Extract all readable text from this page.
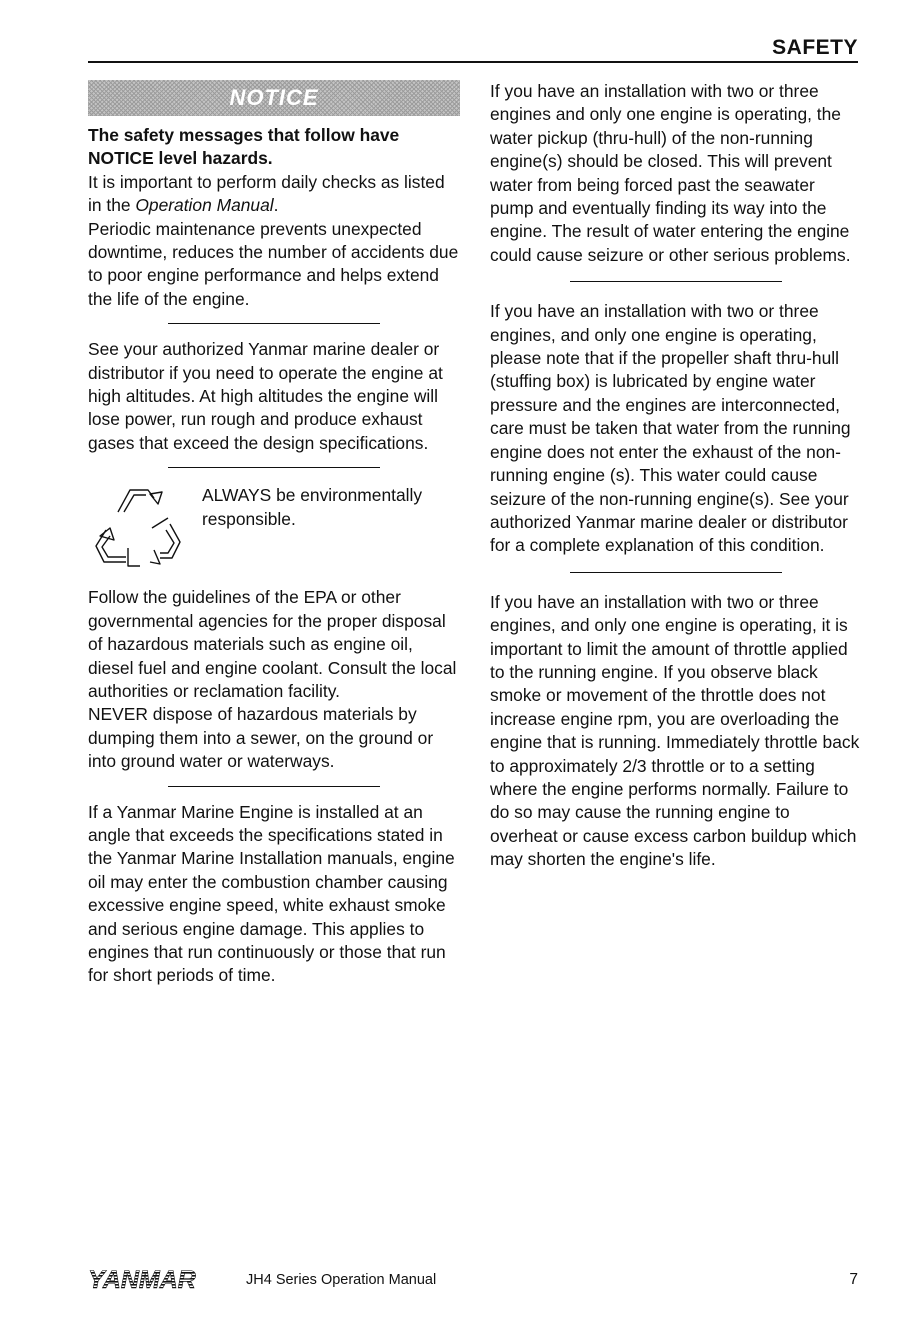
SAFETY
NOTICE

The safety messages that follow have NOTICE level hazards.

It is important to perform daily checks as listed in the Operation Manual.

Periodic maintenance prevents unexpected downtime, reduces the number of accidents due to poor engine performance and helps extend the life of the engine.

See your authorized Yanmar marine dealer or distributor if you need to operate the engine at high altitudes. At high altitudes the engine will lose power, run rough and produce exhaust gases that exceed the design specifications.

ALWAYS be environmentally responsible.

Follow the guidelines of the EPA or other governmental agencies for the proper disposal of hazardous materials such as engine oil, diesel fuel and engine coolant. Consult the local authorities or reclamation facility.

NEVER dispose of hazardous materials by dumping them into a sewer, on the ground or into ground water or waterways.

If a Yanmar Marine Engine is installed at an angle that exceeds the specifications stated in the Yanmar Marine Installation manuals, engine oil may enter the combustion chamber causing excessive engine speed, white exhaust smoke and serious engine damage. This applies to engines that run continuously or those that run for short periods of time.

If you have an installation with two or three engines and only one engine is operating, the water pickup (thru-hull) of the non-running engine(s) should be closed. This will prevent water from being forced past the seawater pump and eventually finding its way into the engine. The result of water entering the engine could cause seizure or other serious problems.

If you have an installation with two or three engines, and only one engine is operating, please note that if the propeller shaft thru-hull (stuffing box) is lubricated by engine water pressure and the engines are interconnected, care must be taken that water from the running engine does not enter the exhaust of the non-running engine (s). This water could cause seizure of the non-running engine(s). See your authorized Yanmar marine dealer or distributor for a complete explanation of this condition.

If you have an installation with two or three engines, and only one engine is operating, it is important to limit the amount of throttle applied to the running engine. If you observe black smoke or movement of the throttle does not increase engine rpm, you are overloading the engine that is running. Immediately throttle back to approximately 2/3 throttle or to a setting where the engine performs normally. Failure to do so may cause the running engine to overheat or cause excess carbon buildup which may shorten the engine's life.

YANMAR	JH4 Series Operation Manual	7
